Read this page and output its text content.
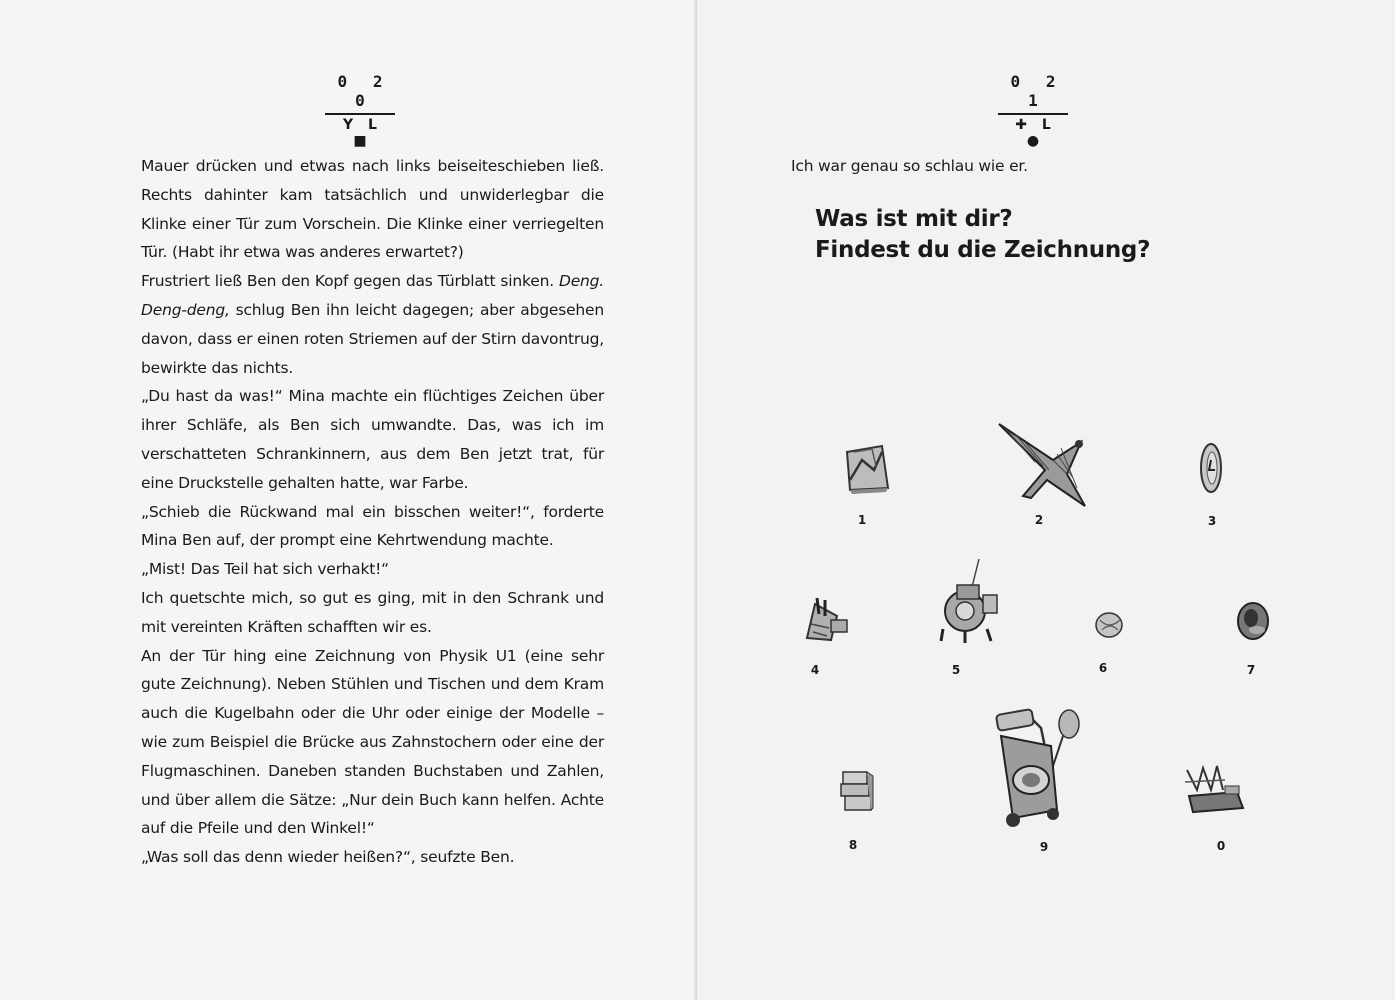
0 2 0
Y L ■

Mauer drücken und etwas nach links beiseiteschieben ließ. Rechts dahinter kam tatsächlich und unwiderlegbar die Klinke einer Tür zum Vorschein. Die Klinke einer verriegelten Tür. (Habt ihr etwa was anderes erwartet?)

Frustriert ließ Ben den Kopf gegen das Türblatt sinken. Deng. Deng-deng, schlug Ben ihn leicht dagegen; aber abgesehen davon, dass er einen roten Striemen auf der Stirn davontrug, bewirkte das nichts.

„Du hast da was!“ Mina machte ein flüchtiges Zeichen über ihrer Schläfe, als Ben sich umwandte. Das, was ich im verschatteten Schrankinnern, aus dem Ben jetzt trat, für eine Druckstelle gehalten hatte, war Farbe.

„Schieb die Rückwand mal ein bisschen weiter!“, forderte Mina Ben auf, der prompt eine Kehrtwendung machte.

„Mist! Das Teil hat sich verhakt!“

Ich quetschte mich, so gut es ging, mit in den Schrank und mit vereinten Kräften schafften wir es.

An der Tür hing eine Zeichnung von Physik U1 (eine sehr gute Zeichnung). Neben Stühlen und Tischen und dem Kram auch die Kugelbahn oder die Uhr oder einige der Modelle – wie zum Beispiel die Brücke aus Zahnstochern oder eine der Flugmaschinen. Daneben standen Buchstaben und Zahlen, und über allem die Sätze: „Nur dein Buch kann helfen. Achte auf die Pfeile und den Winkel!“

„Was soll das denn wieder heißen?“, seufzte Ben.

0 2 1
✚ L ●
Ich war genau so schlau wie er.
Was ist mit dir?
Findest du die Zeichnung?
1	2	3
4	5	6	7
8	9	0
